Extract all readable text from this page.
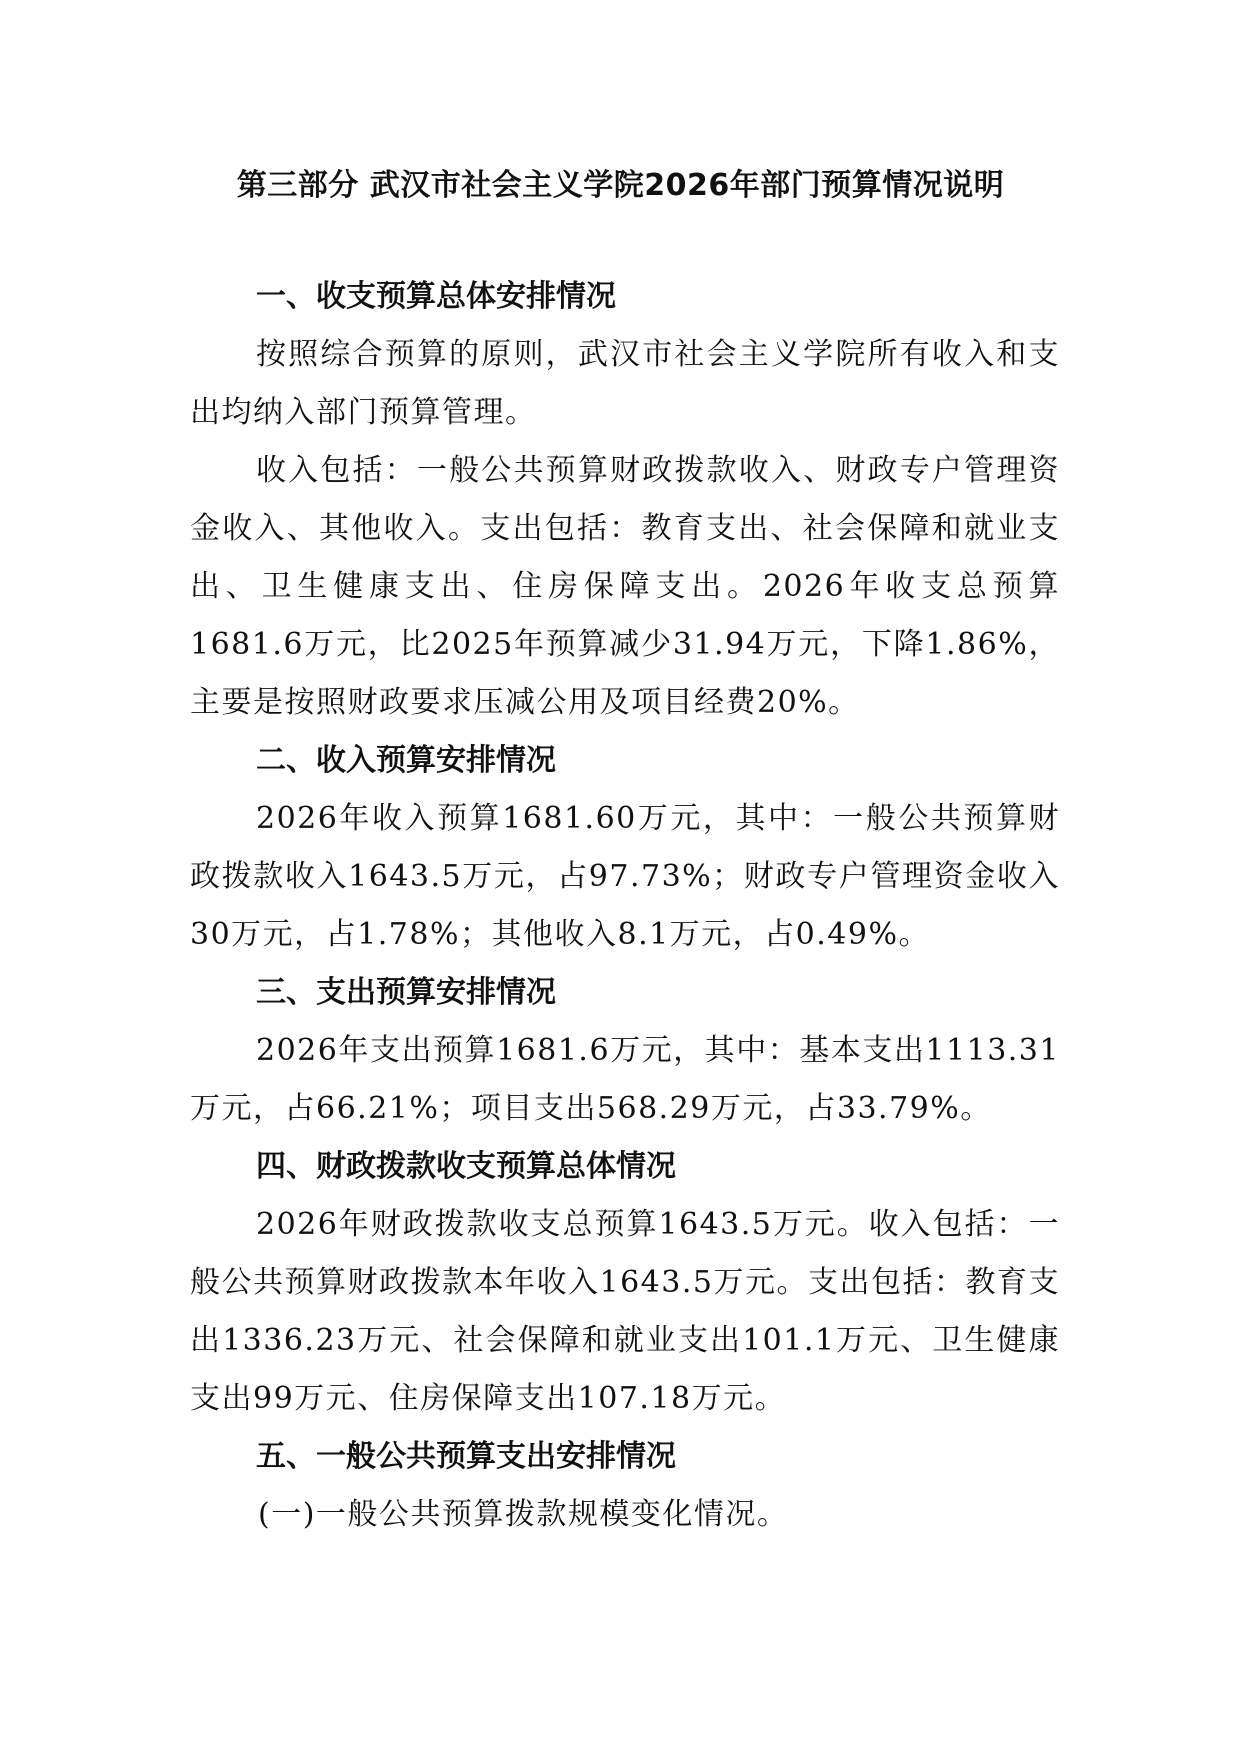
第三部分 武汉市社会主义学院2026年部门预算情况说明

一、收支预算总体安排情况

按照综合预算的原则，武汉市社会主义学院所有收入和支出均纳入部门预算管理。

收入包括：一般公共预算财政拨款收入、财政专户管理资金收入、其他收入。支出包括：教育支出、社会保障和就业支出、卫生健康支出、住房保障支出。2026年收支总预算1681.6万元，比2025年预算减少31.94万元，下降1.86%，主要是按照财政要求压减公用及项目经费20%。

二、收入预算安排情况

2026年收入预算1681.60万元，其中：一般公共预算财政拨款收入1643.5万元，占97.73%；财政专户管理资金收入30万元，占1.78%；其他收入8.1万元，占0.49%。

三、支出预算安排情况

2026年支出预算1681.6万元，其中：基本支出1113.31万元，占66.21%；项目支出568.29万元，占33.79%。

四、财政拨款收支预算总体情况

2026年财政拨款收支总预算1643.5万元。收入包括：一般公共预算财政拨款本年收入1643.5万元。支出包括：教育支出1336.23万元、社会保障和就业支出101.1万元、卫生健康支出99万元、住房保障支出107.18万元。

五、一般公共预算支出安排情况

(一)一般公共预算拨款规模变化情况。
